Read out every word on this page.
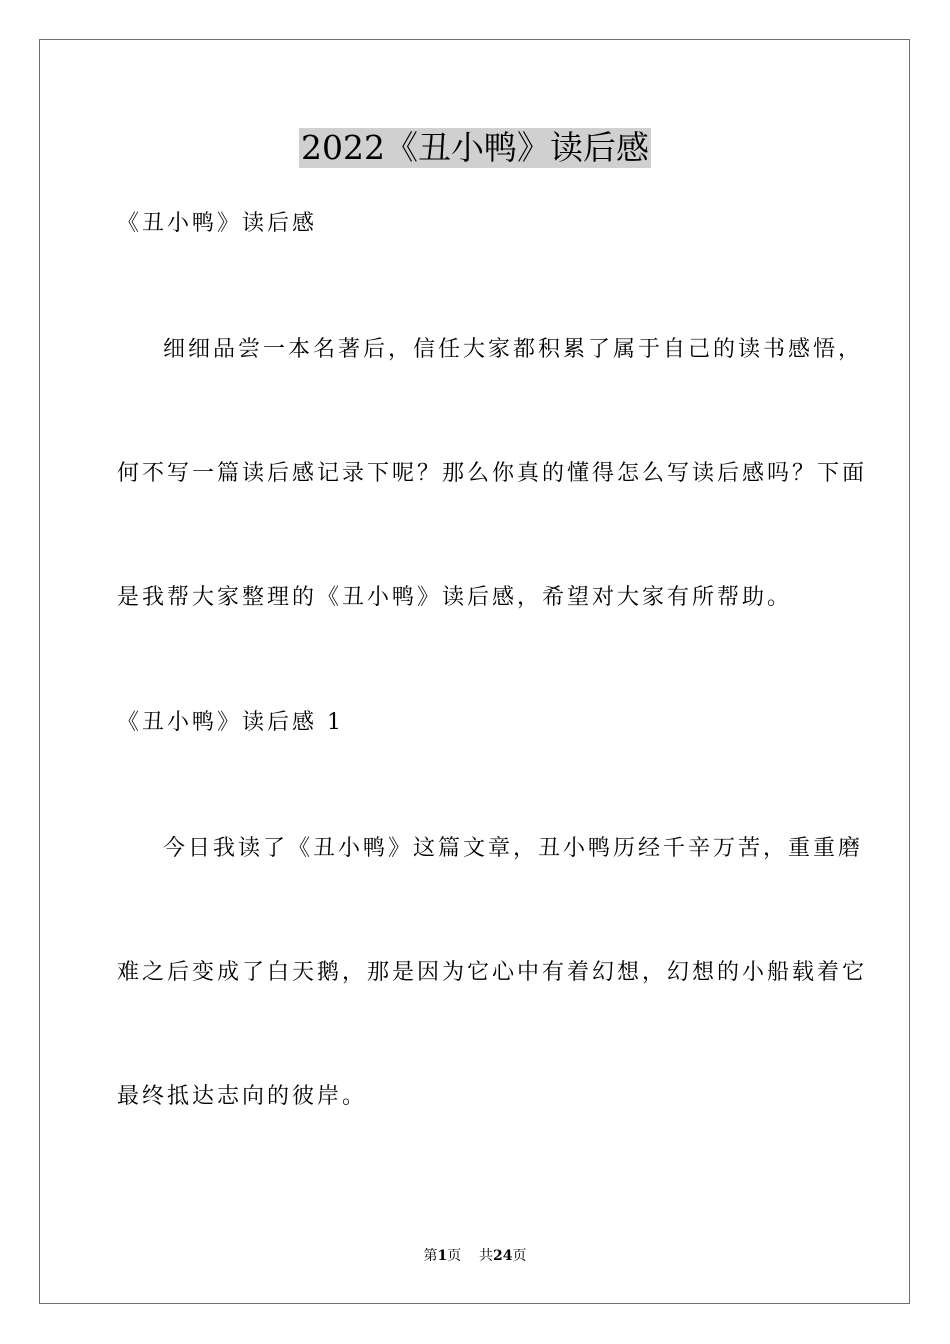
2022《丑小鸭》读后感
《丑小鸭》读后感
细细品尝一本名著后，信任大家都积累了属于自己的读书感悟，
何不写一篇读后感记录下呢？那么你真的懂得怎么写读后感吗？下面
是我帮大家整理的《丑小鸭》读后感，希望对大家有所帮助。
《丑小鸭》读后感 1
今日我读了《丑小鸭》这篇文章，丑小鸭历经千辛万苦，重重磨
难之后变成了白天鹅，那是因为它心中有着幻想，幻想的小船载着它
最终抵达志向的彼岸。
第1页 共24页
